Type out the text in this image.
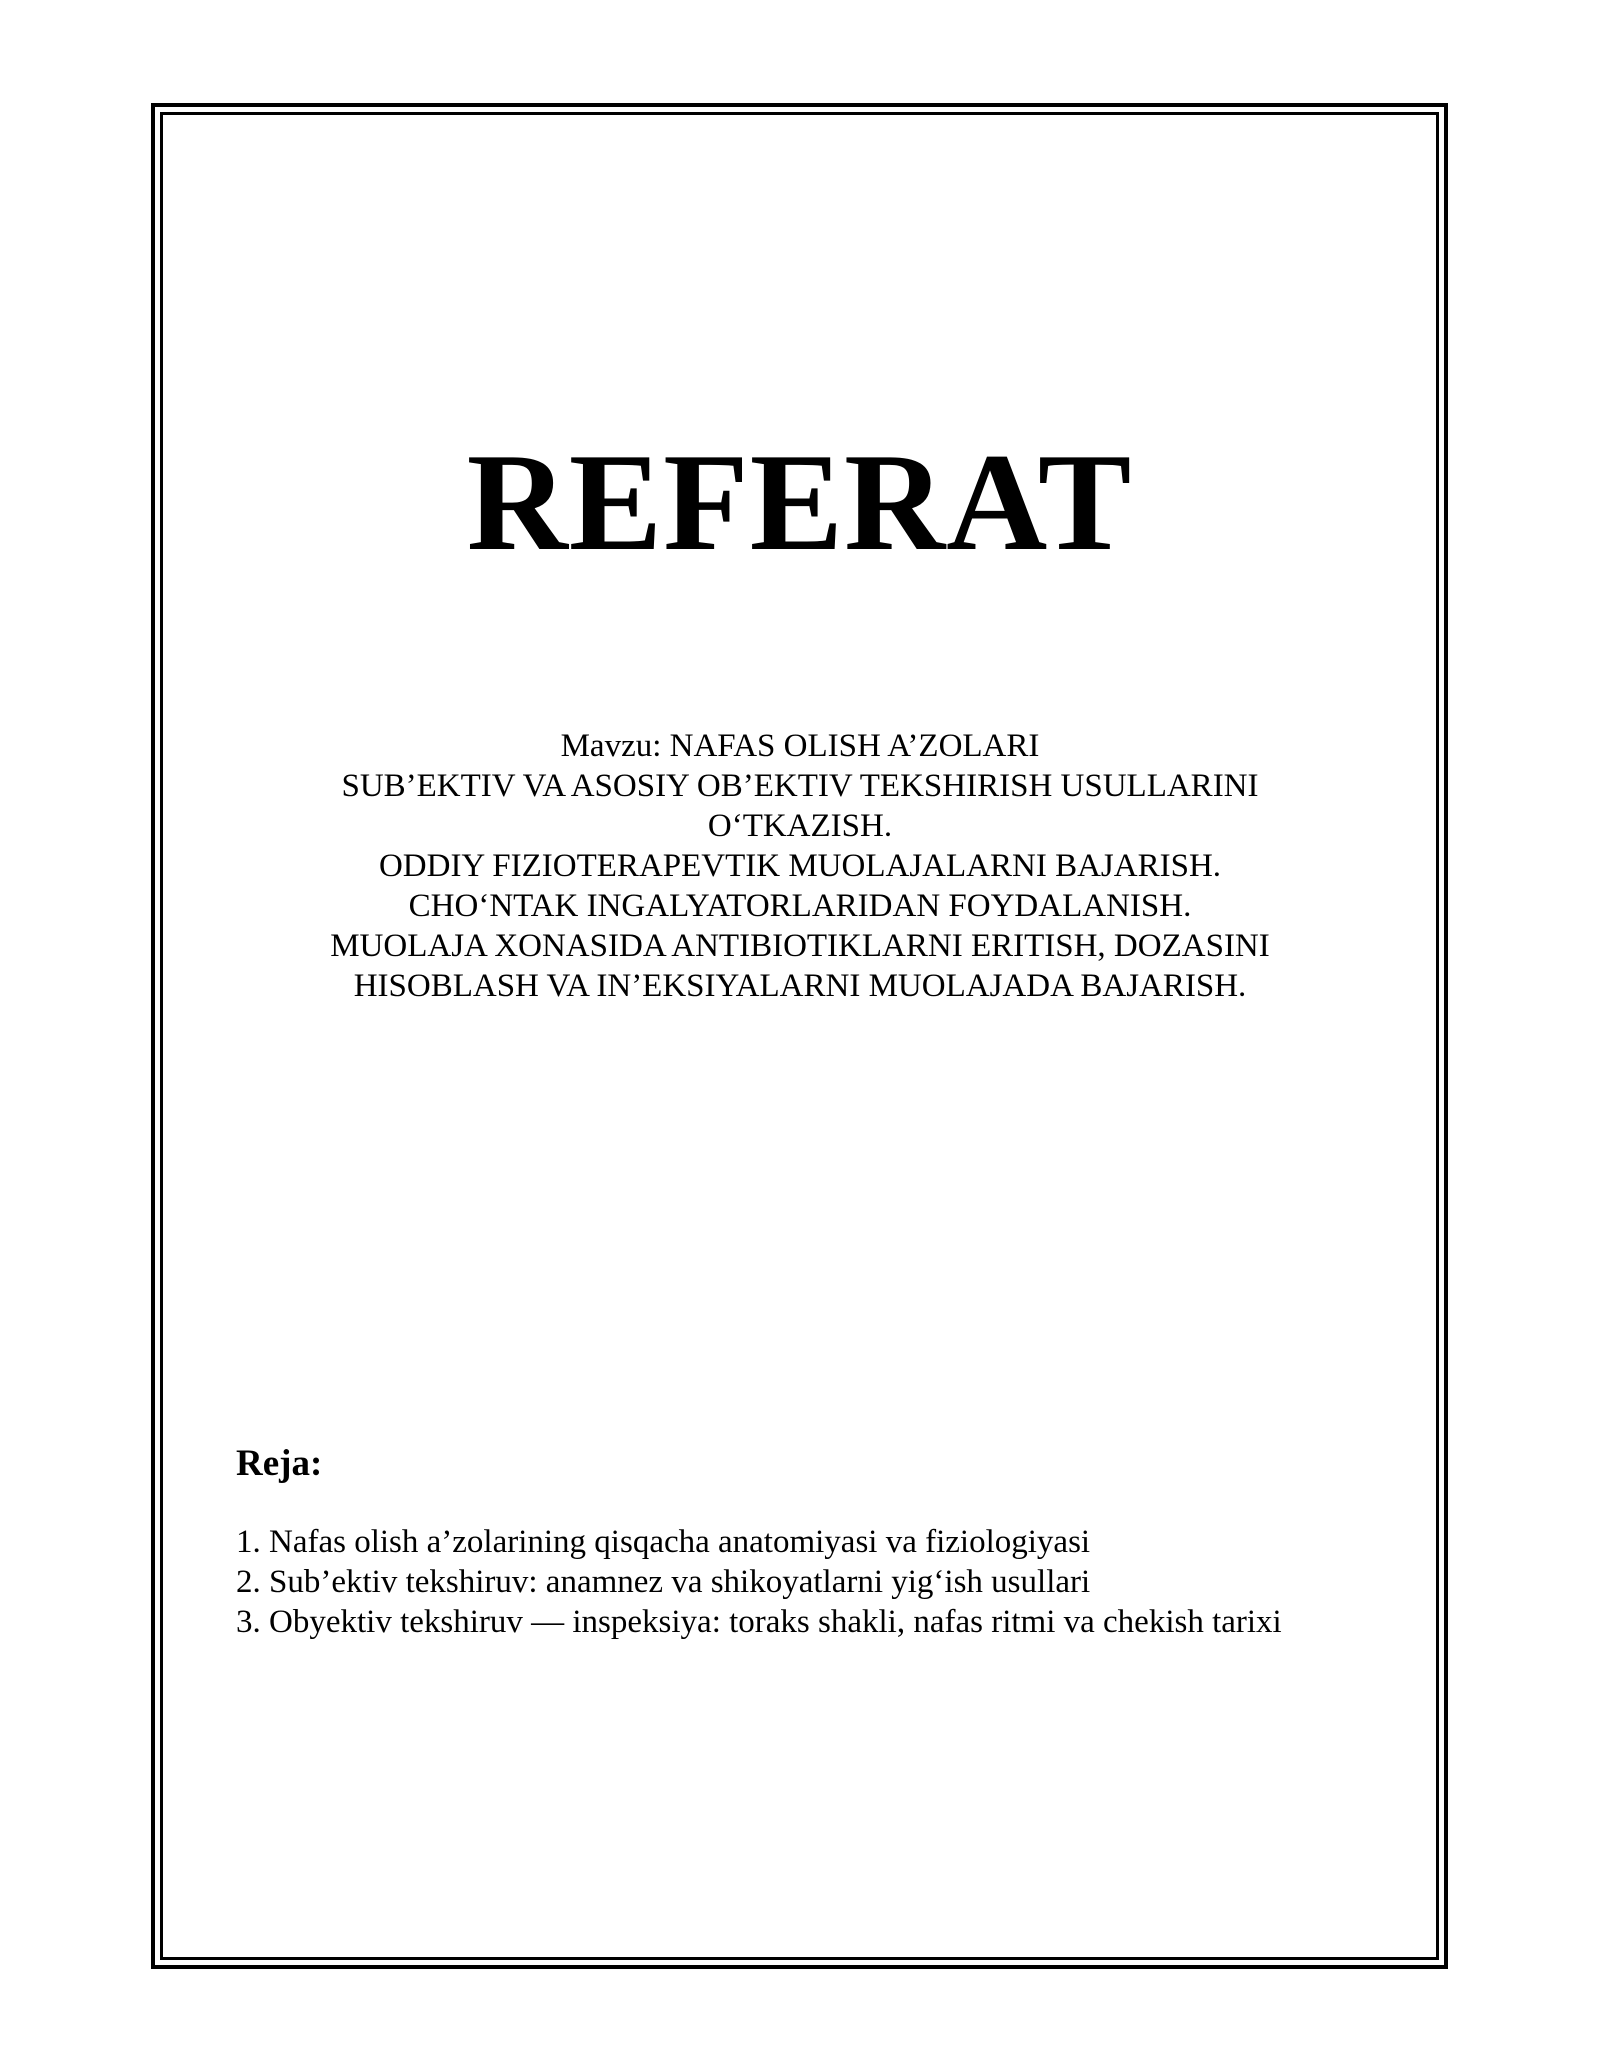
REFERAT
Mavzu: NAFAS OLISH A’ZOLARI
SUB’EKTIV VA ASOSIY OB’EKTIV TEKSHIRISH USULLARINI
O‘TKAZISH.
ODDIY FIZIOTERAPEVTIK MUOLAJALARNI BAJARISH.
CHO‘NTAK INGALYATORLARIDAN FOYDALANISH.
MUOLAJA XONASIDA ANTIBIOTIKLARNI ERITISH, DOZASINI
HISOBLASH VA IN’EKSIYALARNI MUOLAJADA BAJARISH.
Reja:
1. Nafas olish a’zolarining qisqacha anatomiyasi va fiziologiyasi
2. Sub’ektiv tekshiruv: anamnez va shikoyatlarni yig‘ish usullari
3. Obyektiv tekshiruv — inspeksiya: toraks shakli, nafas ritmi va chekish tarixi
